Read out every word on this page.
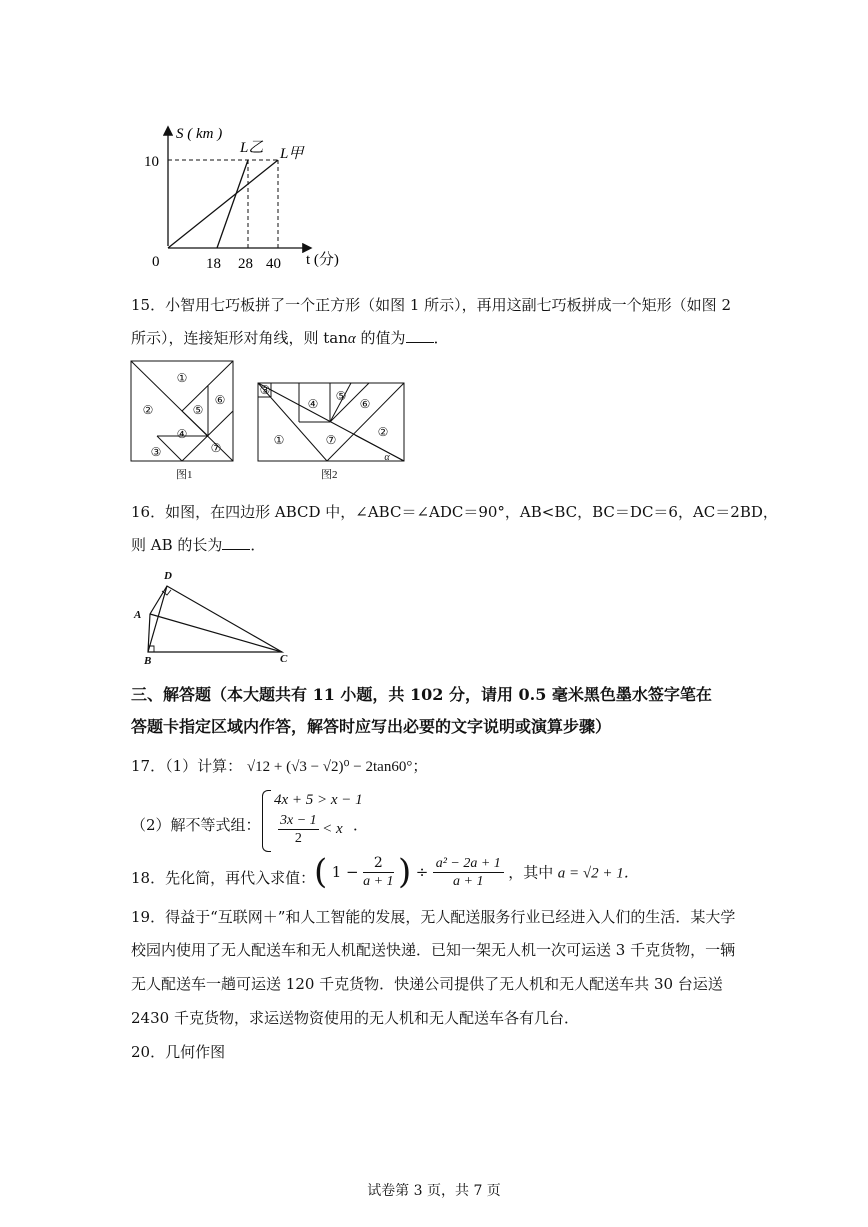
S ( km )
10
0	18 28 40 t (分)
L乙 L甲
15．小智用七巧板拼了一个正方形（如图 1 所示），再用这副七巧板拼成一个矩形（如图 2
所示），连接矩形对角线，则 tanα 的值为 ．
①
②
③
④
⑤
⑥
⑦
图1
①
②
③
④
⑤
⑥
⑦
α
图2
16．如图，在四边形 ABCD 中，∠ABC＝∠ADC＝90°，AB<BC，BC＝DC＝6，AC＝2BD，
则 AB 的长为 ．
D
A
B	C
三、解答题（本大题共有 11 小题，共 102 分，请用 0.5 毫米黑色墨水签字笔在
答题卡指定区域内作答，解答时应写出必要的文字说明或演算步骤）
17．（1）计算： √12 + (√3 − √2)⁰ − 2tan60°；
（2）解不等式组：
4x + 5 > x − 1
$\frac{3x - 1}{2} < x$ ．
18．先化简，再代入求值：
( $1 - \frac{2}{a + 1}$ ) ÷ $\frac{\text{a² − 2a + 1}}{a + 1}$ ，其中 a = √2 + 1．
19．得益于“互联网＋”和人工智能的发展，无人配送服务行业已经进入人们的生活．某大学
校园内使用了无人配送车和无人机配送快递．已知一架无人机一次可运送 3 千克货物，一辆
无人配送车一趟可运送 120 千克货物．快递公司提供了无人机和无人配送车共 30 台运送
2430 千克货物，求运送物资使用的无人机和无人配送车各有几台．
20．几何作图
试卷第 3 页，共 7 页
